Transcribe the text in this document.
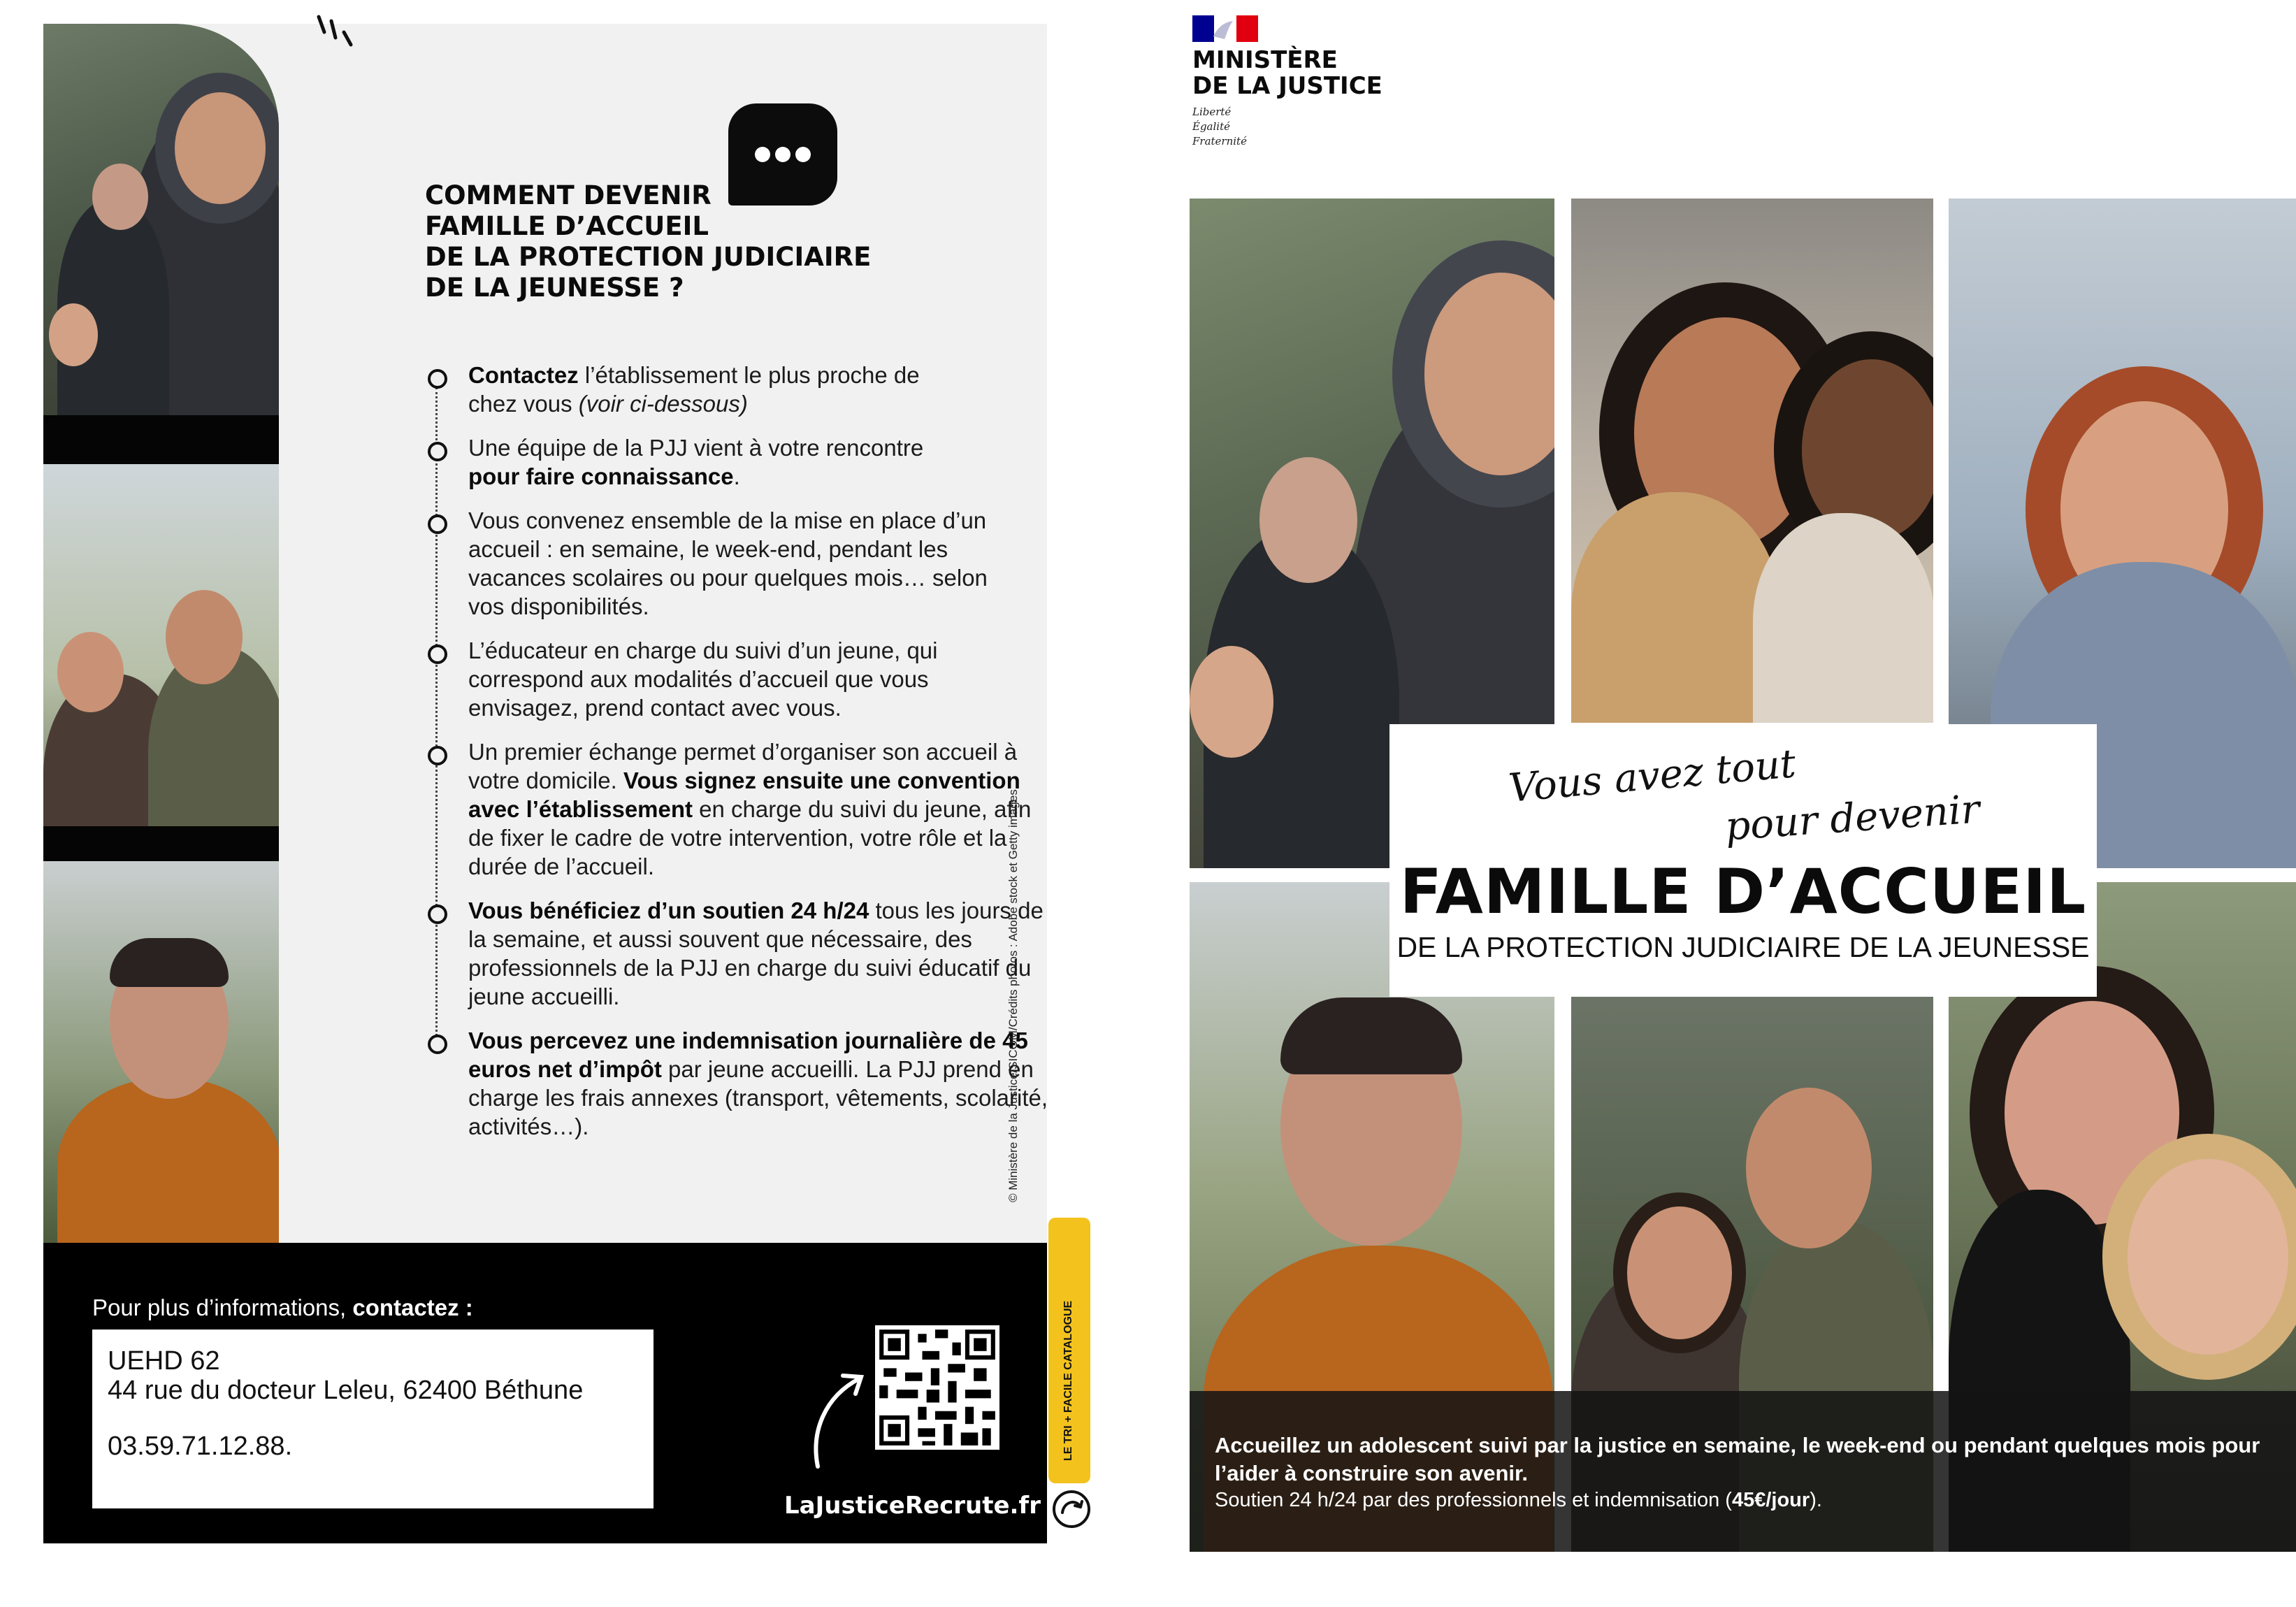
COMMENT DEVENIR
FAMILLE D’ACCUEIL
DE LA PROTECTION JUDICIAIRE
DE LA JEUNESSE ?

Contactez l’établissement le plus proche de chez vous (voir ci-dessous)

Une équipe de la PJJ vient à votre rencontre pour faire connaissance.

Vous convenez ensemble de la mise en place d’un accueil : en semaine, le week-end, pendant les vacances scolaires ou pour quelques mois… selon vos disponibilités.

L’éducateur en charge du suivi d’un jeune, qui correspond aux modalités d’accueil que vous envisagez, prend contact avec vous.

Un premier échange permet d’organiser son accueil à votre domicile. Vous signez ensuite une convention avec l’établissement en charge du suivi du jeune, afin de fixer le cadre de votre intervention, votre rôle et la durée de l’accueil.

Vous bénéficiez d’un soutien 24 h/24 tous les jours de la semaine, et aussi souvent que nécessaire, des professionnels de la PJJ en charge du suivi éducatif du jeune accueilli.

Vous percevez une indemnisation journalière de 45 euros net d’impôt par jeune accueilli. La PJJ prend en charge les frais annexes (transport, vêtements, scolarité, activités…).

Pour plus d’informations, contactez :
UEHD 62
44 rue du docteur Leleu, 62400 Béthune
03.59.71.12.88.
LaJusticeRecrute.fr
© Ministère de la Justice/SICOM/Crédits photos : Adobe stock et Getty images
LE TRI + FACILE CATALOGUE
MINISTÈRE
DE LA JUSTICE
Liberté
Égalité
Fraternité
Vous avez tout
pour devenir
FAMILLE D’ACCUEIL
DE LA PROTECTION JUDICIAIRE DE LA JEUNESSE
Accueillez un adolescent suivi par la justice en semaine, le week-end ou pendant quelques mois pour l’aider à construire son avenir.
Soutien 24 h/24 par des professionnels et indemnisation (45€/jour).
